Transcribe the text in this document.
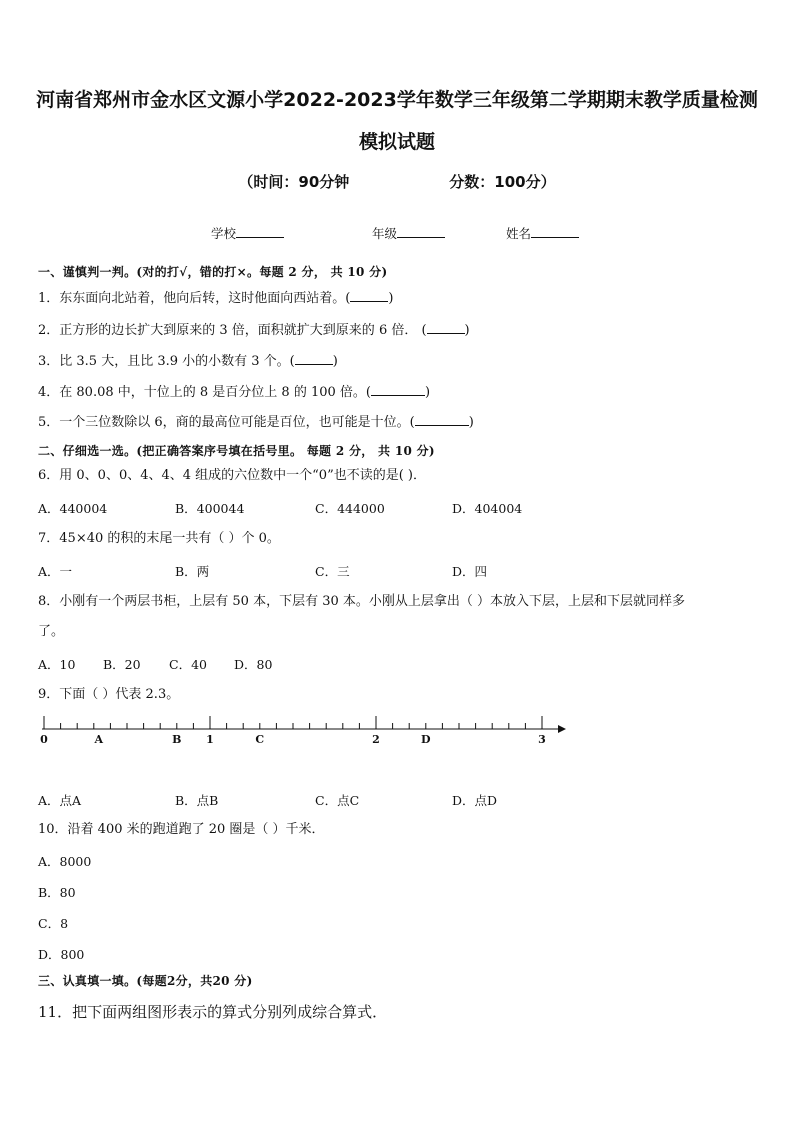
河南省郑州市金水区文源小学2022-2023学年数学三年级第二学期期末教学质量检测
模拟试题
（时间：90分钟	分数：100分）
学校	年级	姓名
一、谨慎判一判。(对的打√，错的打×。每题 2 分， 共 10 分)
1．东东面向北站着，他向后转，这时他面向西站着。(	)
2．正方形的边长扩大到原来的 3 倍，面积就扩大到原来的 6 倍． (	)
3．比 3.5 大，且比 3.9 小的小数有 3 个。(	)
4．在 80.08 中，十位上的 8 是百分位上 8 的 100 倍。(	)
5．一个三位数除以 6，商的最高位可能是百位，也可能是十位。(	)
二、仔细选一选。(把正确答案序号填在括号里。 每题 2 分， 共 10 分)
6．用 0、0、0、4、4、4 组成的六位数中一个“0”也不读的是( )．
A．440004	B．400044	C．444000	D．404004
7．45×40 的积的末尾一共有（ ）个 0。
A．一	B．两	C．三	D．四
8．小刚有一个两层书柜，上层有 50 本，下层有 30 本。小刚从上层拿出（ ）本放入下层，上层和下层就同样多
了。
A．10 B．20 C．40 D．80
9．下面（ ）代表 2.3。
0	A	B 1	C	2	D	3
A．点A	B．点B	C．点C	D．点D
10．沿着 400 米的跑道跑了 20 圈是（ ）千米．
A．8000
B．80
C．8
D．800
三、认真填一填。(每题2分，共20 分)
11．把下面两组图形表示的算式分别列成综合算式．
